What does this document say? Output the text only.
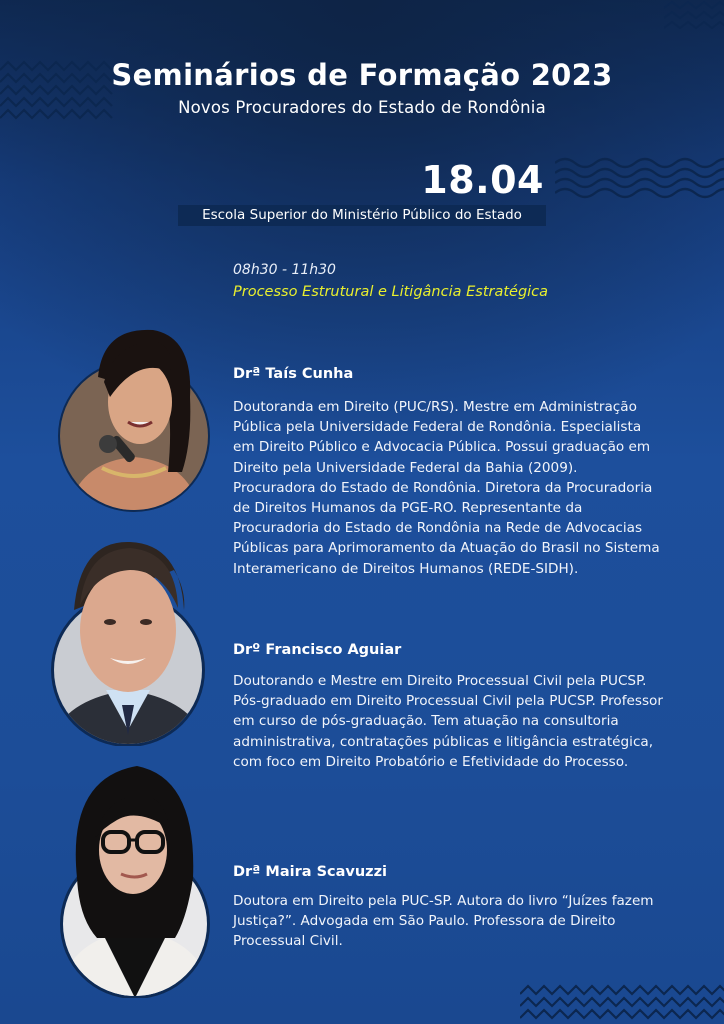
Seminários de Formação 2023
Novos Procuradores do Estado de Rondônia
18.04
Escola Superior do Ministério Público do Estado
08h30 - 11h30
Processo Estrutural e Litigância Estratégica
Drª Taís Cunha
Doutoranda em Direito (PUC/RS). Mestre em Administração Pública pela Universidade Federal de Rondônia. Especialista em Direito Público e Advocacia Pública. Possui graduação em Direito pela Universidade Federal da Bahia (2009). Procuradora do Estado de Rondônia. Diretora da Procuradoria de Direitos Humanos da PGE-RO. Representante da Procuradoria do Estado de Rondônia na Rede de Advocacias Públicas para Aprimoramento da Atuação do Brasil no Sistema Interamericano de Direitos Humanos (REDE-SIDH).
Drº Francisco Aguiar
Doutorando e Mestre em Direito Processual Civil pela PUCSP. Pós-graduado em Direito Processual Civil pela PUCSP. Professor em curso de pós-graduação. Tem atuação na consultoria administrativa, contratações públicas e litigância estratégica, com foco em Direito Probatório e Efetividade do Processo.
Drª Maira Scavuzzi
Doutora em Direito pela PUC-SP. Autora do livro “Juízes fazem Justiça?”. Advogada em São Paulo. Professora de Direito Processual Civil.
